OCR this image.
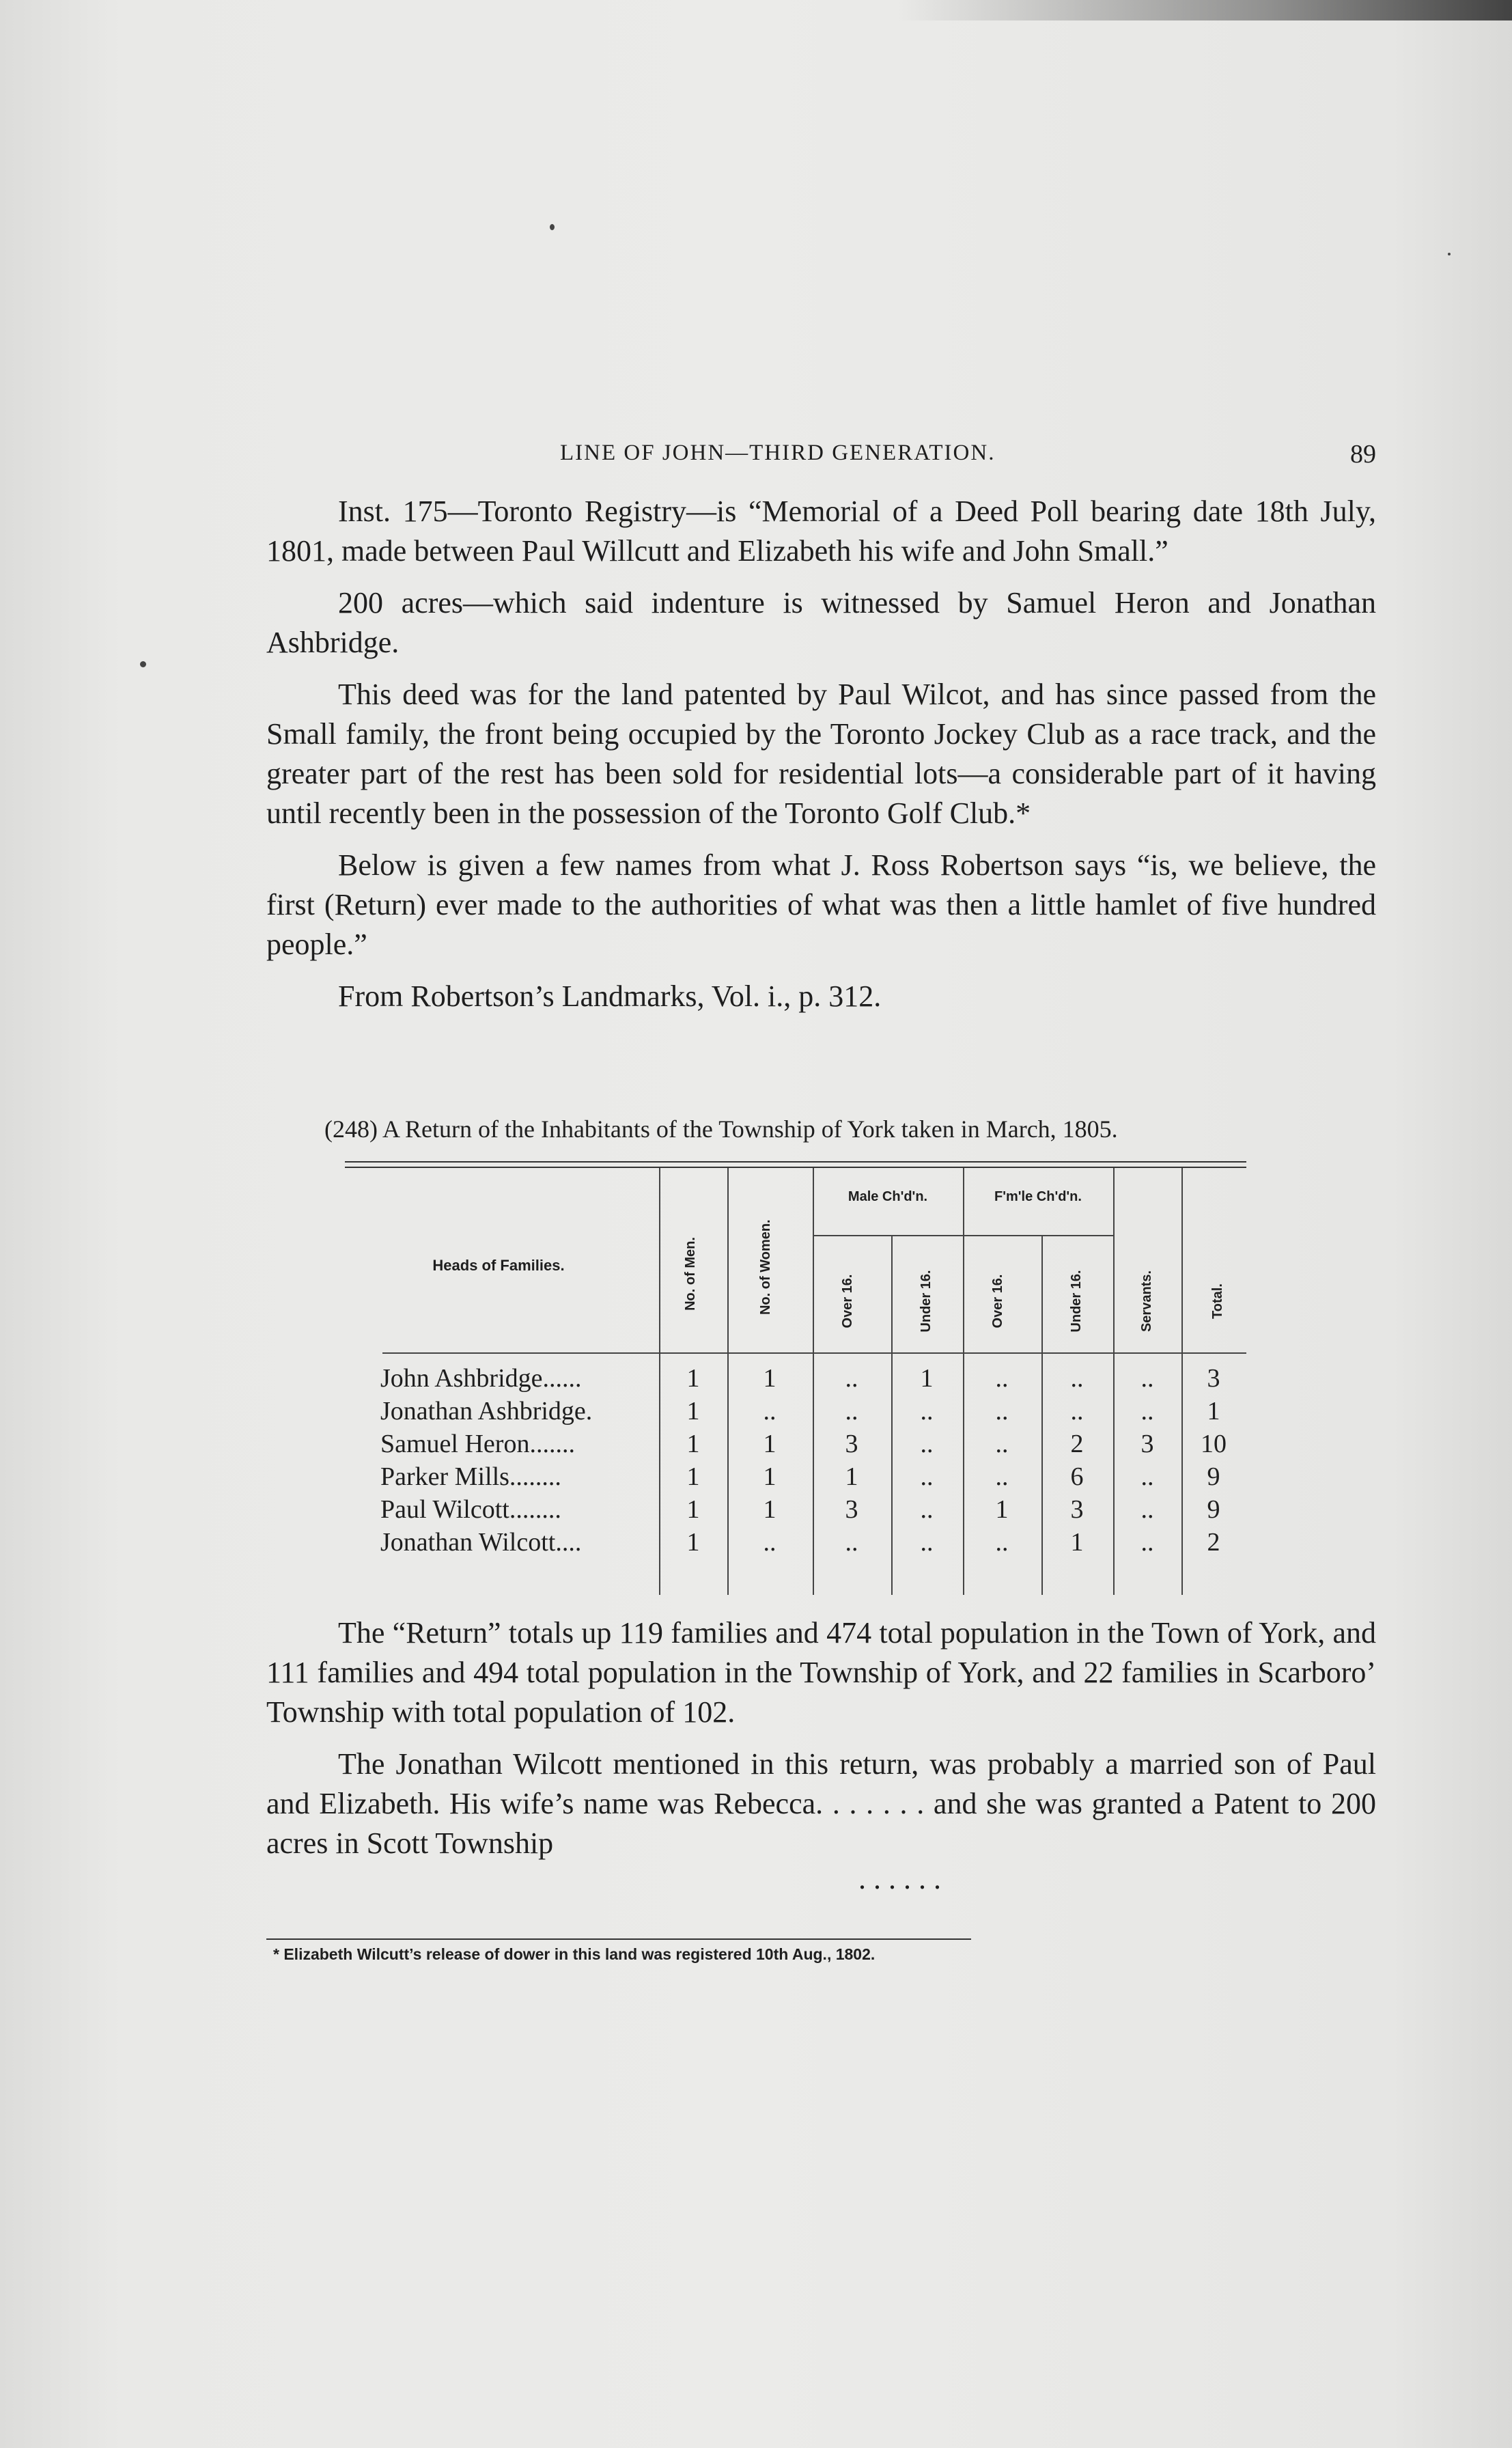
LINE OF JOHN—THIRD GENERATION.	89

Inst. 175—Toronto Registry—is “Memorial of a Deed Poll bearing date 18th July, 1801, made between Paul Willcutt and Elizabeth his wife and John Small.”

200 acres—which said indenture is witnessed by Samuel Heron and Jonathan Ashbridge.

This deed was for the land patented by Paul Wilcot, and has since passed from the Small family, the front being occupied by the Toronto Jockey Club as a race track, and the greater part of the rest has been sold for residential lots—a considerable part of it having until recently been in the possession of the Toronto Golf Club.*

Below is given a few names from what J. Ross Robertson says “is, we believe, the first (Return) ever made to the authorities of what was then a little hamlet of five hundred people.”

From Robertson’s Landmarks, Vol. i., p. 312.

(248) A Return of the Inhabitants of the Township of York taken in March, 1805.
Heads of Families.
Male Ch'd'n.	F'm'le Ch'd'n.
No. of Men.	No. of Women.	Over 16.	Under 16.	Over 16.	Under 16.	Servants.	Total.
John Ashbridge......	1	1	..	1	..	..	..	3
Jonathan Ashbridge.	1	..	..	..	..	..	..	1
Samuel Heron.......	1	1	3	..	..	2	3	10
Parker Mills........	1	1	1	..	..	6	..	9
Paul Wilcott........	1	1	3	..	1	3	..	9
Jonathan Wilcott....	1	..	..	..	..	1	..	2

The “Return” totals up 119 families and 474 total population in the Town of York, and 111 families and 494 total population in the Township of York, and 22 families in Scarboro’ Township with total population of 102.

The Jonathan Wilcott mentioned in this return, was probably a married son of Paul and Elizabeth. His wife’s name was Rebecca. . . . . . . and she was granted a Patent to 200 acres in Scott Township

. . . . . .

* Elizabeth Wilcutt’s release of dower in this land was registered 10th Aug., 1802.
